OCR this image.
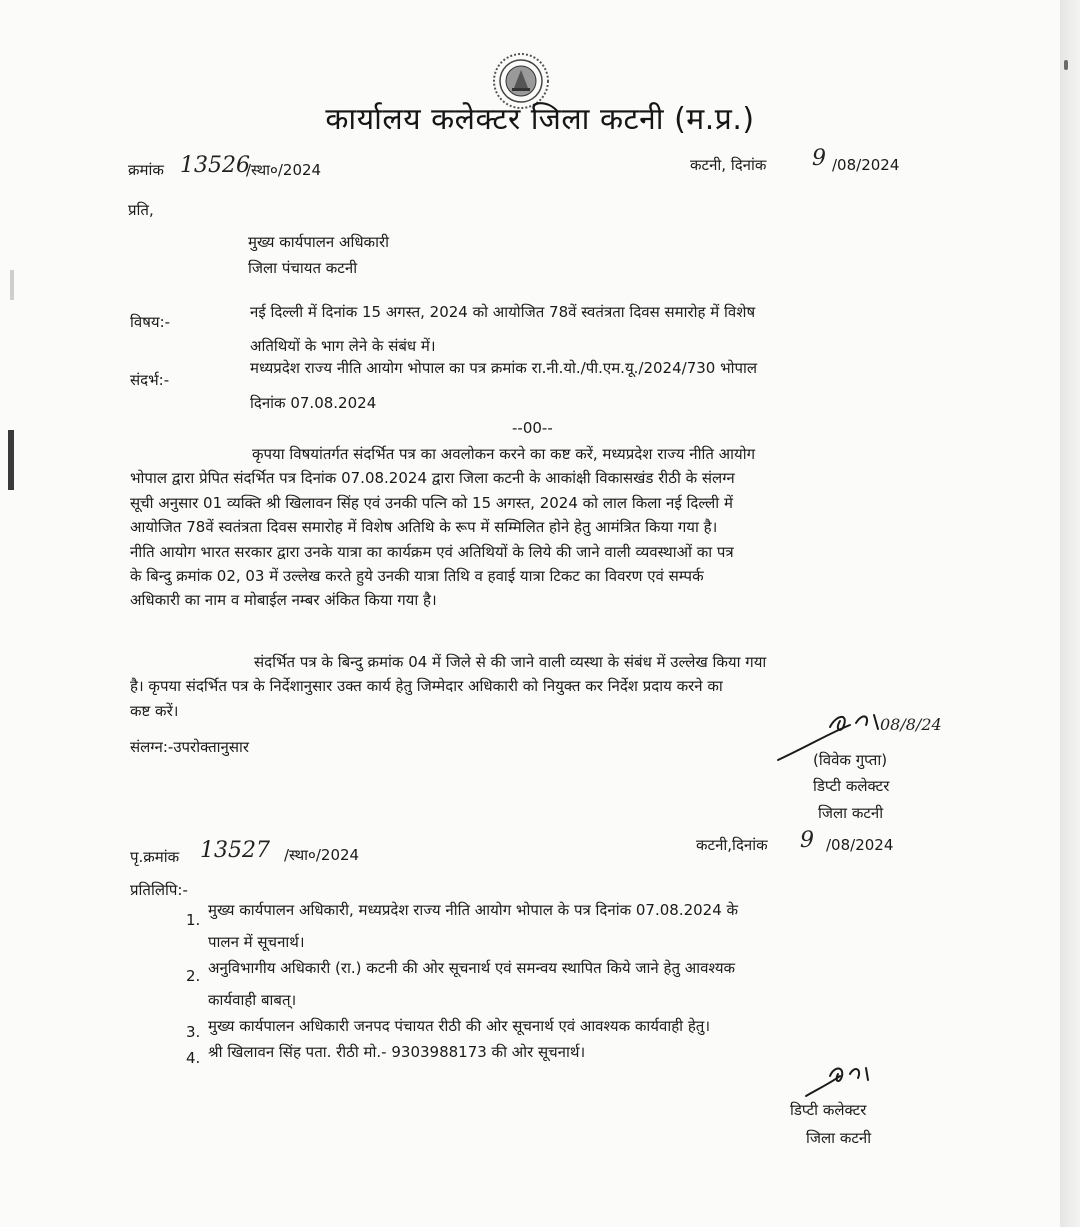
कार्यालय कलेक्टर जिला कटनी (म.प्र.)
क्रमांक 13526
/स्था०/2024	कटनी, दिनांक 9 /08/2024
प्रति,
मुख्य कार्यपालन अधिकारी
जिला पंचायत कटनी
विषय:-
नई दिल्ली में दिनांक 15 अगस्त, 2024 को आयोजित 78वें स्वतंत्रता दिवस समारोह में विशेष
अतिथियों के भाग लेने के संबंध में।
संदर्भ:-
मध्यप्रदेश राज्य नीति आयोग भोपाल का पत्र क्रमांक रा.नी.यो./पी.एम.यू./2024/730 भोपाल
दिनांक 07.08.2024
--00--
कृपया विषयांतर्गत संदर्भित पत्र का अवलोकन करने का कष्ट करें, मध्यप्रदेश राज्य नीति आयोग
भोपाल द्वारा प्रेपित संदर्भित पत्र दिनांक 07.08.2024 द्वारा जिला कटनी के आकांक्षी विकासखंड रीठी के संलग्न
सूची अनुसार 01 व्यक्ति श्री खिलावन सिंह एवं उनकी पत्नि को 15 अगस्त, 2024 को लाल किला नई दिल्ली में
आयोजित 78वें स्वतंत्रता दिवस समारोह में विशेष अतिथि के रूप में सम्मिलित होने हेतु आमंत्रित किया गया है।
नीति आयोग भारत सरकार द्वारा उनके यात्रा का कार्यक्रम एवं अतिथियों के लिये की जाने वाली व्यवस्थाओं का पत्र
के बिन्दु क्रमांक 02, 03 में उल्लेख करते हुये उनकी यात्रा तिथि व हवाई यात्रा टिकट का विवरण एवं सम्पर्क
अधिकारी का नाम व मोबाईल नम्बर अंकित किया गया है।
संदर्भित पत्र के बिन्दु क्रमांक 04 में जिले से की जाने वाली व्यस्था के संबंध में उल्लेख किया गया
है। कृपया संदर्भित पत्र के निर्देशानुसार उक्त कार्य हेतु जिम्मेदार अधिकारी को नियुक्त कर निर्देश प्रदाय करने का
कष्ट करें।
संलग्न:-उपरोक्तानुसार
08/8/24
(विवेक गुप्ता)
डिप्टी कलेक्टर
जिला कटनी
पृ.क्रमांक 13527 /स्था०/2024
कटनी,दिनांक 9 /08/2024
प्रतिलिपि:-
1.
मुख्य कार्यपालन अधिकारी, मध्यप्रदेश राज्य नीति आयोग भोपाल के पत्र दिनांक 07.08.2024 के
पालन में सूचनार्थ।
2. अनुविभागीय अधिकारी (रा.) कटनी की ओर सूचनार्थ एवं समन्वय स्थापित किये जाने हेतु आवश्यक
कार्यवाही बाबत्।
3. मुख्य कार्यपालन अधिकारी जनपद पंचायत रीठी की ओर सूचनार्थ एवं आवश्यक कार्यवाही हेतु।
4. श्री खिलावन सिंह पता. रीठी मो.- 9303988173 की ओर सूचनार्थ।
डिप्टी कलेक्टर
जिला कटनी
